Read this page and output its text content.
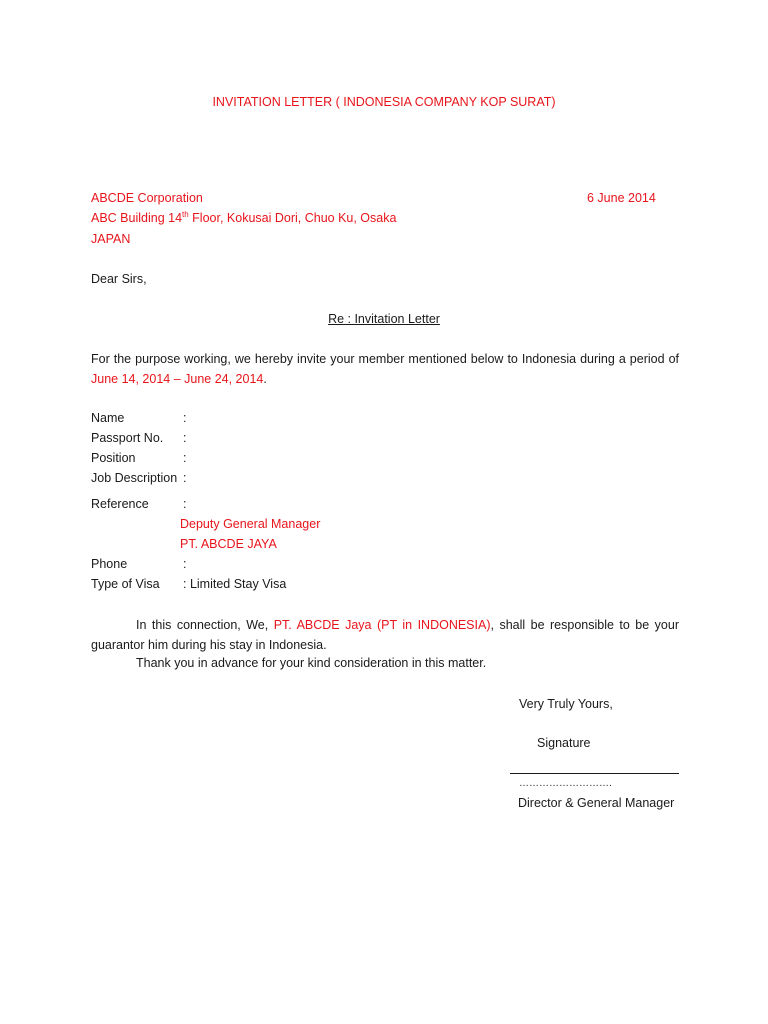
INVITATION LETTER ( INDONESIA COMPANY KOP SURAT)
ABCDE Corporation
ABC Building 14th Floor, Kokusai Dori, Chuo Ku, Osaka
JAPAN
6 June 2014
Dear Sirs,
Re : Invitation Letter
For the purpose working, we hereby invite your member mentioned below to Indonesia during a period of June 14, 2014 – June 24, 2014.
Name	:
Passport No. :
Position	:
Job Description :
Reference	:
Deputy General Manager
PT. ABCDE JAYA
Phone	:
Type of Visa : Limited Stay Visa
In this connection, We, PT. ABCDE Jaya (PT in INDONESIA), shall be responsible to be your guarantor him during his stay in Indonesia.
Thank you in advance for your kind consideration in this matter.
Very Truly Yours,
Signature
……………………….
Director & General Manager
